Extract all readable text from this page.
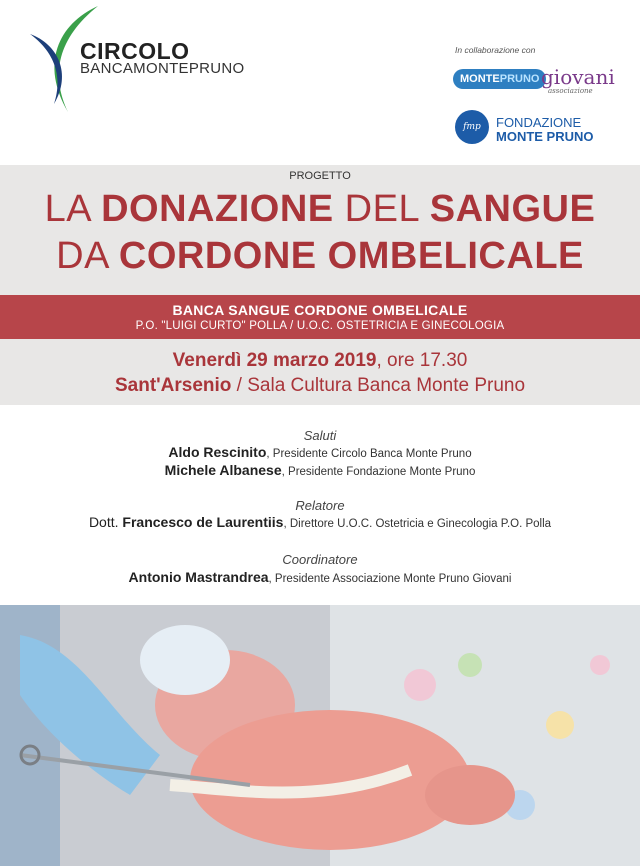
CIRCOLO
BANCAMONTEPRUNO
In collaborazione con
MONTEPRUNO giovani
associazione
fmp	FONDAZIONE
MONTE PRUNO
PROGETTO
LA DONAZIONE DEL SANGUE
DA CORDONE OMBELICALE
BANCA SANGUE CORDONE OMBELICALE
P.O. "LUIGI CURTO" POLLA / U.O.C. OSTETRICIA E GINECOLOGIA
Venerdì 29 marzo 2019, ore 17.30
Sant'Arsenio / Sala Cultura Banca Monte Pruno
Saluti
Aldo Rescinito, Presidente Circolo Banca Monte Pruno
Michele Albanese, Presidente Fondazione Monte Pruno
Relatore
Dott. Francesco de Laurentiis, Direttore U.O.C. Ostetricia e Ginecologia P.O. Polla
Coordinatore
Antonio Mastrandrea, Presidente Associazione Monte Pruno Giovani
